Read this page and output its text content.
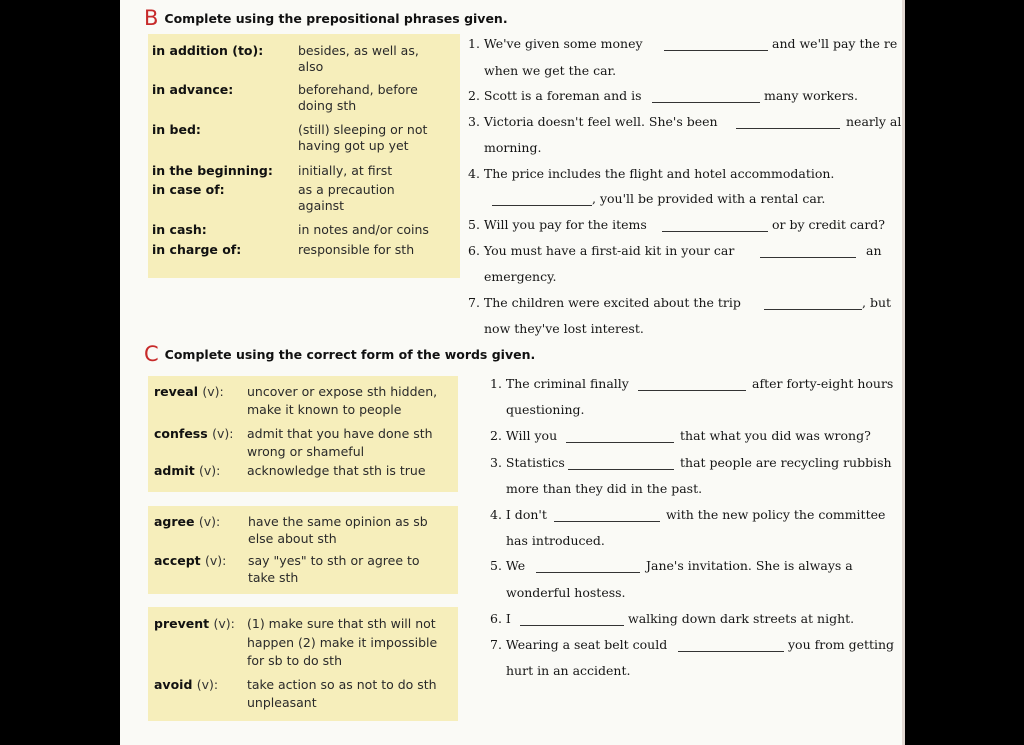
B Complete using the prepositional phrases given.
in addition (to):	besides, as well as,
also
in advance:	beforehand, before
doing sth
in bed:	(still) sleeping or not
having got up yet
in the beginning: initially, at first
in case of:	as a precaution
against
in cash:	in notes and/or coins
in charge of:	responsible for sth
1. We've given some money	and we'll pay the re
when we get the car.
2. Scott is a foreman and is	many workers.
3. Victoria doesn't feel well. She's been	nearly al
morning.
4. The price includes the flight and hotel accommodation.
, you'll be provided with a rental car.
5. Will you pay for the items	or by credit card?
6. You must have a first-aid kit in your car	an
emergency.
7. The children were excited about the trip	, but
now they've lost interest.
C Complete using the correct form of the words given.
reveal (v): uncover or expose sth hidden,
make it known to people
confess (v): admit that you have done sth
wrong or shameful
admit (v): acknowledge that sth is true
agree (v): have the same opinion as sb
else about sth
accept (v): say "yes" to sth or agree to
take sth
prevent (v): (1) make sure that sth will not
happen (2) make it impossible
for sb to do sth
avoid (v): take action so as not to do sth
unpleasant
1. The criminal finally	after forty-eight hours
questioning.
2. Will you	that what you did was wrong?
3. Statistics	that people are recycling rubbish
more than they did in the past.
4. I don't	with the new policy the committee
has introduced.
5. We	Jane's invitation. She is always a
wonderful hostess.
6. I	walking down dark streets at night.
7. Wearing a seat belt could	you from getting
hurt in an accident.
